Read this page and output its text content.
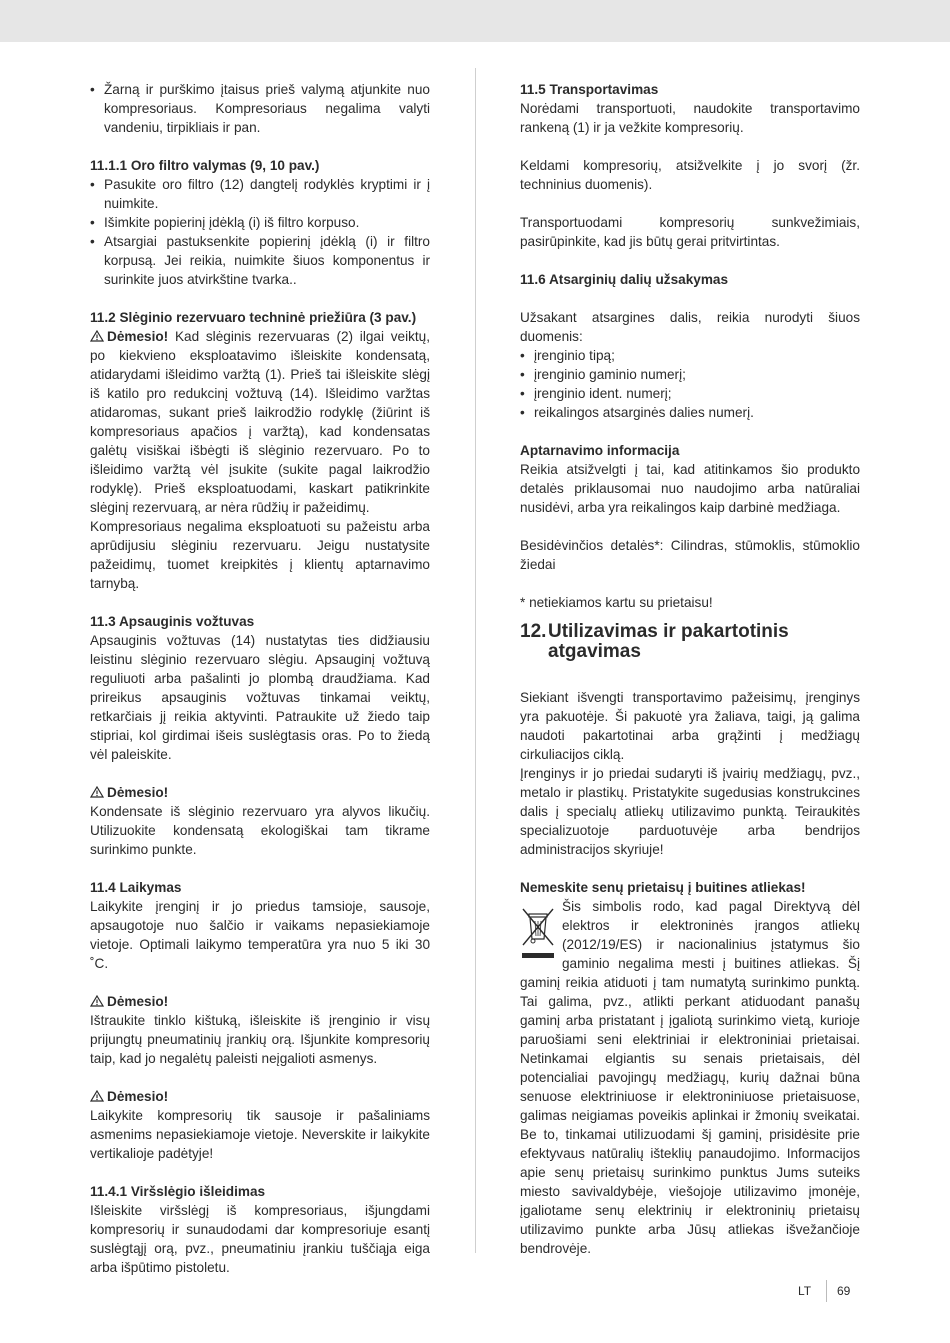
• Žarną ir purškimo įtaisus prieš valymą atjunkite nuo kompresoriaus. Kompresoriaus negalima valyti vandeniu, tirpikliais ir pan.

11.1.1 Oro filtro valymas (9, 10 pav.)

• Pasukite oro filtro (12) dangtelį rodyklės kryptimi ir į nuimkite.

• Išimkite popierinį įdėklą (i) iš filtro korpuso.

• Atsargiai pastuksenkite popierinį įdėklą (i) ir filtro korpusą. Jei reikia, nuimkite šiuos komponentus ir surinkite juos atvirkštine tvarka..

11.2 Slėginio rezervuaro techninė priežiūra (3 pav.)

Dėmesio! Kad slėginis rezervuaras (2) ilgai veiktų, po kiekvieno eksploatavimo išleiskite kondensatą, atidarydami išleidimo varžtą (1). Prieš tai išleiskite slėgį iš katilo pro redukcinį vožtuvą (14). Išleidimo varžtas atidaromas, sukant prieš laikrodžio rodyklę (žiūrint iš kompresoriaus apačios į varžtą), kad kondensatas galėtų visiškai išbėgti iš slėginio rezervuaro. Po to išleidimo varžtą vėl įsukite (sukite pagal laikrodžio rodyklę). Prieš eksploatuodami, kaskart patikrinkite slėginį rezervuarą, ar nėra rūdžių ir pažeidimų.

Kompresoriaus negalima eksploatuoti su pažeistu arba aprūdijusiu slėginiu rezervuaru. Jeigu nustatysite pažeidimų, tuomet kreipkitės į klientų aptarnavimo tarnybą.

11.3 Apsauginis vožtuvas

Apsauginis vožtuvas (14) nustatytas ties didžiausiu leistinu slėginio rezervuaro slėgiu. Apsauginį vožtuvą reguliuoti arba pašalinti jo plombą draudžiama. Kad prireikus apsauginis vožtuvas tinkamai veiktų, retkarčiais jį reikia aktyvinti. Patraukite už žiedo taip stipriai, kol girdimai išeis suslėgtasis oras. Po to žiedą vėl paleiskite.

Dėmesio!

Kondensate iš slėginio rezervuaro yra alyvos likučių. Utilizuokite kondensatą ekologiškai tam tikrame surinkimo punkte.

11.4 Laikymas

Laikykite įrenginį ir jo priedus tamsioje, sausoje, apsaugotoje nuo šalčio ir vaikams nepasiekiamoje vietoje. Optimali laikymo temperatūra yra nuo 5 iki 30 ˚C.

Dėmesio!

Ištraukite tinklo kištuką, išleiskite iš įrenginio ir visų prijungtų pneumatinių įrankių orą. Išjunkite kompresorių taip, kad jo negalėtų paleisti neįgalioti asmenys.

Dėmesio!

Laikykite kompresorių tik sausoje ir pašaliniams asmenims nepasiekiamoje vietoje. Neverskite ir laikykite vertikalioje padėtyje!

11.4.1 Viršslėgio išleidimas

Išleiskite viršslėgį iš kompresoriaus, išjungdami kompresorių ir sunaudodami dar kompresoriuje esantį suslėgtąjį orą, pvz., pneumatiniu įrankiu tuščiąja eiga arba išpūtimo pistoletu.

11.5 Transportavimas

Norėdami transportuoti, naudokite transportavimo rankeną (1) ir ja vežkite kompresorių.

Keldami kompresorių, atsižvelkite į jo svorį (žr. techninius duomenis).

Transportuodami kompresorių sunkvežimiais, pasirūpinkite, kad jis būtų gerai pritvirtintas.

11.6 Atsarginių dalių užsakymas

Užsakant atsargines dalis, reikia nurodyti šiuos duomenis:

• įrenginio tipą;

• įrenginio gaminio numerį;

• įrenginio ident. numerį;

• reikalingos atsarginės dalies numerį.

Aptarnavimo informacija

Reikia atsižvelgti į tai, kad atitinkamos šio produkto detalės priklausomai nuo naudojimo arba natūraliai nusidėvi, arba yra reikalingos kaip darbinė medžiaga.

Besidėvinčios detalės*: Cilindras, stūmoklis, stūmoklio žiedai

* netiekiamos kartu su prietaisu!

12.Utilizavimas ir pakartotinis atgavimas

Siekiant išvengti transportavimo pažeisimų, įrenginys yra pakuotėje. Ši pakuotė yra žaliava, taigi, ją galima naudoti pakartotinai arba grąžinti į medžiagų cirkuliacijos ciklą.

Įrenginys ir jo priedai sudaryti iš įvairių medžiagų, pvz., metalo ir plastikų. Pristatykite sugedusias konstrukcines dalis į specialų atliekų utilizavimo punktą. Teiraukitės specializuotoje parduotuvėje arba bendrijos administracijos skyriuje!

Nemeskite senų prietaisų į buitines atliekas!

Šis simbolis rodo, kad pagal Direktyvą dėl elektros ir elektroninės įrangos atliekų (2012/19/ES) ir nacionalinius įstatymus šio gaminio negalima mesti į buitines atliekas. Šį gaminį reikia atiduoti į tam numatytą surinkimo punktą. Tai galima, pvz., atlikti perkant atiduodant panašų gaminį arba pristatant į įgaliotą surinkimo vietą, kurioje paruošiami seni elektriniai ir elektroniniai prietaisai. Netinkamai elgiantis su senais prietaisais, dėl potencialiai pavojingų medžiagų, kurių dažnai būna senuose elektriniuose ir elektroniniuose prietaisuose, galimas neigiamas poveikis aplinkai ir žmonių sveikatai. Be to, tinkamai utilizuodami šį gaminį, prisidėsite prie efektyvaus natūralių išteklių panaudojimo. Informacijos apie senų prietaisų surinkimo punktus Jums suteiks miesto savivaldybėje, viešojoje utilizavimo įmonėje, įgaliotame senų elektrinių ir elektroninių prietaisų utilizavimo punkte arba Jūsų atliekas išvežančioje bendrovėje.

LT 69
